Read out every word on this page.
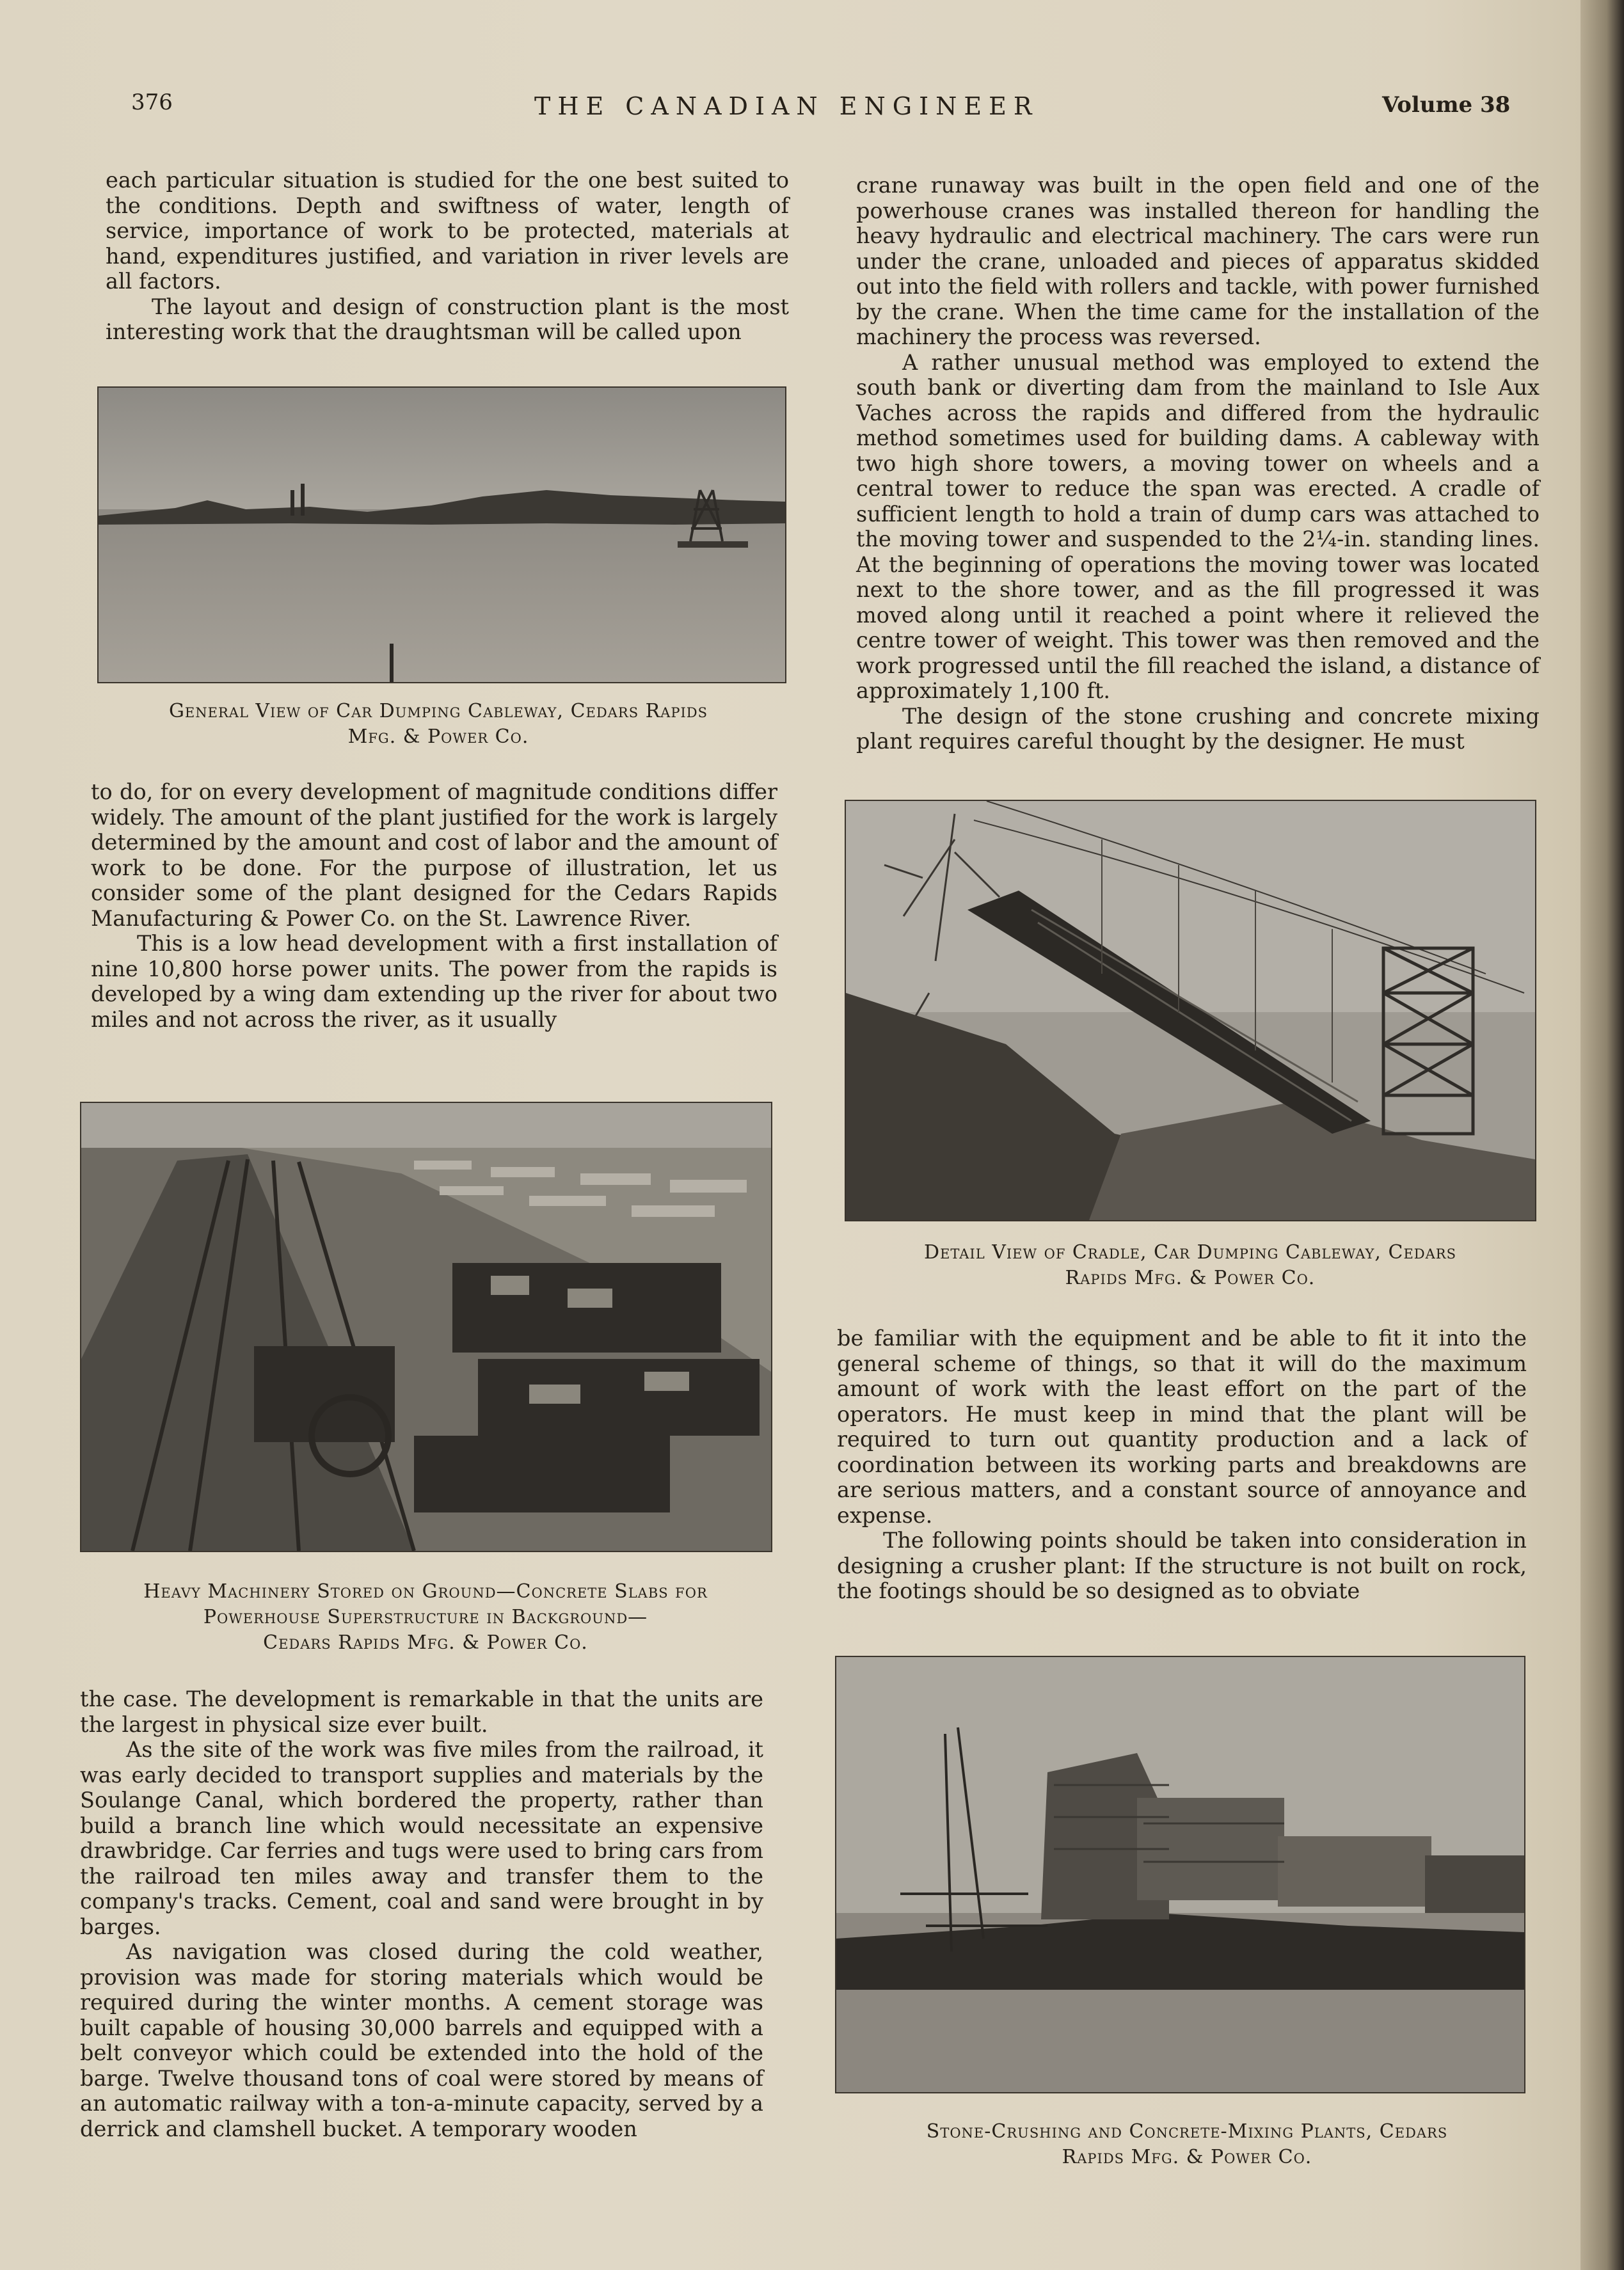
376	THE CANADIAN ENGINEER	Volume 38

each particular situation is studied for the one best suited to the conditions. Depth and swiftness of water, length of service, importance of work to be protected, materials at hand, expenditures justified, and variation in river levels are all factors.

The layout and design of construction plant is the most interesting work that the draughtsman will be called upon

General View of Car Dumping Cableway, Cedars Rapids
Mfg. & Power Co.

to do, for on every development of magnitude conditions differ widely. The amount of the plant justified for the work is largely determined by the amount and cost of labor and the amount of work to be done. For the purpose of illustration, let us consider some of the plant designed for the Cedars Rapids Manufacturing & Power Co. on the St. Lawrence River.

This is a low head development with a first installation of nine 10,800 horse power units. The power from the rapids is developed by a wing dam extending up the river for about two miles and not across the river, as it usually

Heavy Machinery Stored on Ground—Concrete Slabs for
Powerhouse Superstructure in Background—
Cedars Rapids Mfg. & Power Co.

the case. The development is remarkable in that the units are the largest in physical size ever built.

As the site of the work was five miles from the railroad, it was early decided to transport supplies and materials by the Soulange Canal, which bordered the property, rather than build a branch line which would necessitate an expensive drawbridge. Car ferries and tugs were used to bring cars from the railroad ten miles away and transfer them to the company's tracks. Cement, coal and sand were brought in by barges.

As navigation was closed during the cold weather, provision was made for storing materials which would be required during the winter months. A cement storage was built capable of housing 30,000 barrels and equipped with a belt conveyor which could be extended into the hold of the barge. Twelve thousand tons of coal were stored by means of an automatic railway with a ton-a-minute capacity, served by a derrick and clamshell bucket. A temporary wooden

crane runaway was built in the open field and one of the powerhouse cranes was installed thereon for handling the heavy hydraulic and electrical machinery. The cars were run under the crane, unloaded and pieces of apparatus skidded out into the field with rollers and tackle, with power furnished by the crane. When the time came for the installation of the machinery the process was reversed.

A rather unusual method was employed to extend the south bank or diverting dam from the mainland to Isle Aux Vaches across the rapids and differed from the hydraulic method sometimes used for building dams. A cableway with two high shore towers, a moving tower on wheels and a central tower to reduce the span was erected. A cradle of sufficient length to hold a train of dump cars was attached to the moving tower and suspended to the 2¼-in. standing lines. At the beginning of operations the moving tower was located next to the shore tower, and as the fill progressed it was moved along until it reached a point where it relieved the centre tower of weight. This tower was then removed and the work progressed until the fill reached the island, a distance of approximately 1,100 ft.

The design of the stone crushing and concrete mixing plant requires careful thought by the designer. He must

Detail View of Cradle, Car Dumping Cableway, Cedars
Rapids Mfg. & Power Co.

be familiar with the equipment and be able to fit it into the general scheme of things, so that it will do the maximum amount of work with the least effort on the part of the operators. He must keep in mind that the plant will be required to turn out quantity production and a lack of coordination between its working parts and breakdowns are are serious matters, and a constant source of annoyance and expense.

The following points should be taken into consideration in designing a crusher plant: If the structure is not built on rock, the footings should be so designed as to obviate

Stone-Crushing and Concrete-Mixing Plants, Cedars
Rapids Mfg. & Power Co.
